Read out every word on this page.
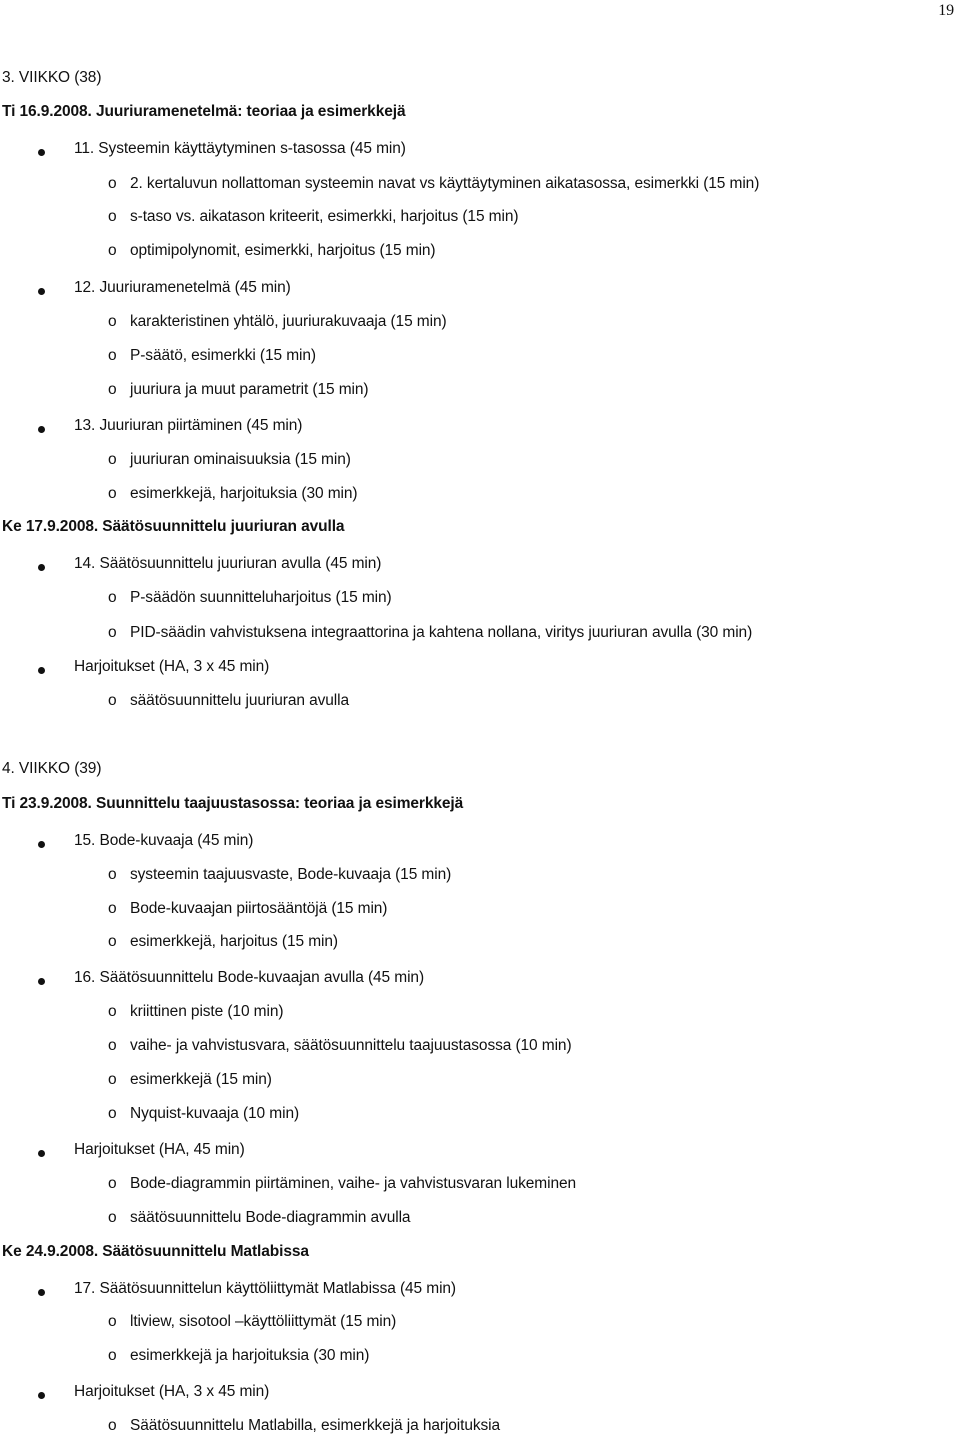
19
3. VIIKKO (38)
Ti 16.9.2008. Juuriuramenetelmä: teoriaa ja esimerkkejä
11. Systeemin käyttäytyminen s-tasossa (45 min)
o 2. kertaluvun nollattoman systeemin navat vs käyttäytyminen aikatasossa, esimerkki (15 min)
o s-taso vs. aikatason kriteerit, esimerkki, harjoitus (15 min)
o optimipolynomit, esimerkki, harjoitus (15 min)
12. Juuriuramenetelmä (45 min)
o karakteristinen yhtälö, juuriurakuvaaja (15 min)
o P-säätö, esimerkki (15 min)
o juuriura ja muut parametrit (15 min)
13. Juuriuran piirtäminen (45 min)
o juuriuran ominaisuuksia (15 min)
o esimerkkejä, harjoituksia (30 min)
Ke 17.9.2008. Säätösuunnittelu juuriuran avulla
14. Säätösuunnittelu juuriuran avulla (45 min)
o P-säädön suunnitteluharjoitus (15 min)
o PID-säädin vahvistuksena integraattorina ja kahtena nollana, viritys juuriuran avulla (30 min)
Harjoitukset (HA, 3 x 45 min)
o säätösuunnittelu juuriuran avulla
4. VIIKKO (39)
Ti 23.9.2008. Suunnittelu taajuustasossa: teoriaa ja esimerkkejä
15. Bode-kuvaaja (45 min)
o systeemin taajuusvaste, Bode-kuvaaja (15 min)
o Bode-kuvaajan piirtosääntöjä (15 min)
o esimerkkejä, harjoitus (15 min)
16. Säätösuunnittelu Bode-kuvaajan avulla (45 min)
o kriittinen piste (10 min)
o vaihe- ja vahvistusvara, säätösuunnittelu taajuustasossa (10 min)
o esimerkkejä (15 min)
o Nyquist-kuvaaja (10 min)
Harjoitukset (HA, 45 min)
o Bode-diagrammin piirtäminen, vaihe- ja vahvistusvaran lukeminen
o säätösuunnittelu Bode-diagrammin avulla
Ke 24.9.2008. Säätösuunnittelu Matlabissa
17. Säätösuunnittelun käyttöliittymät Matlabissa (45 min)
o ltiview, sisotool –käyttöliittymät (15 min)
o esimerkkejä ja harjoituksia (30 min)
Harjoitukset (HA, 3 x 45 min)
o Säätösuunnittelu Matlabilla, esimerkkejä ja harjoituksia
